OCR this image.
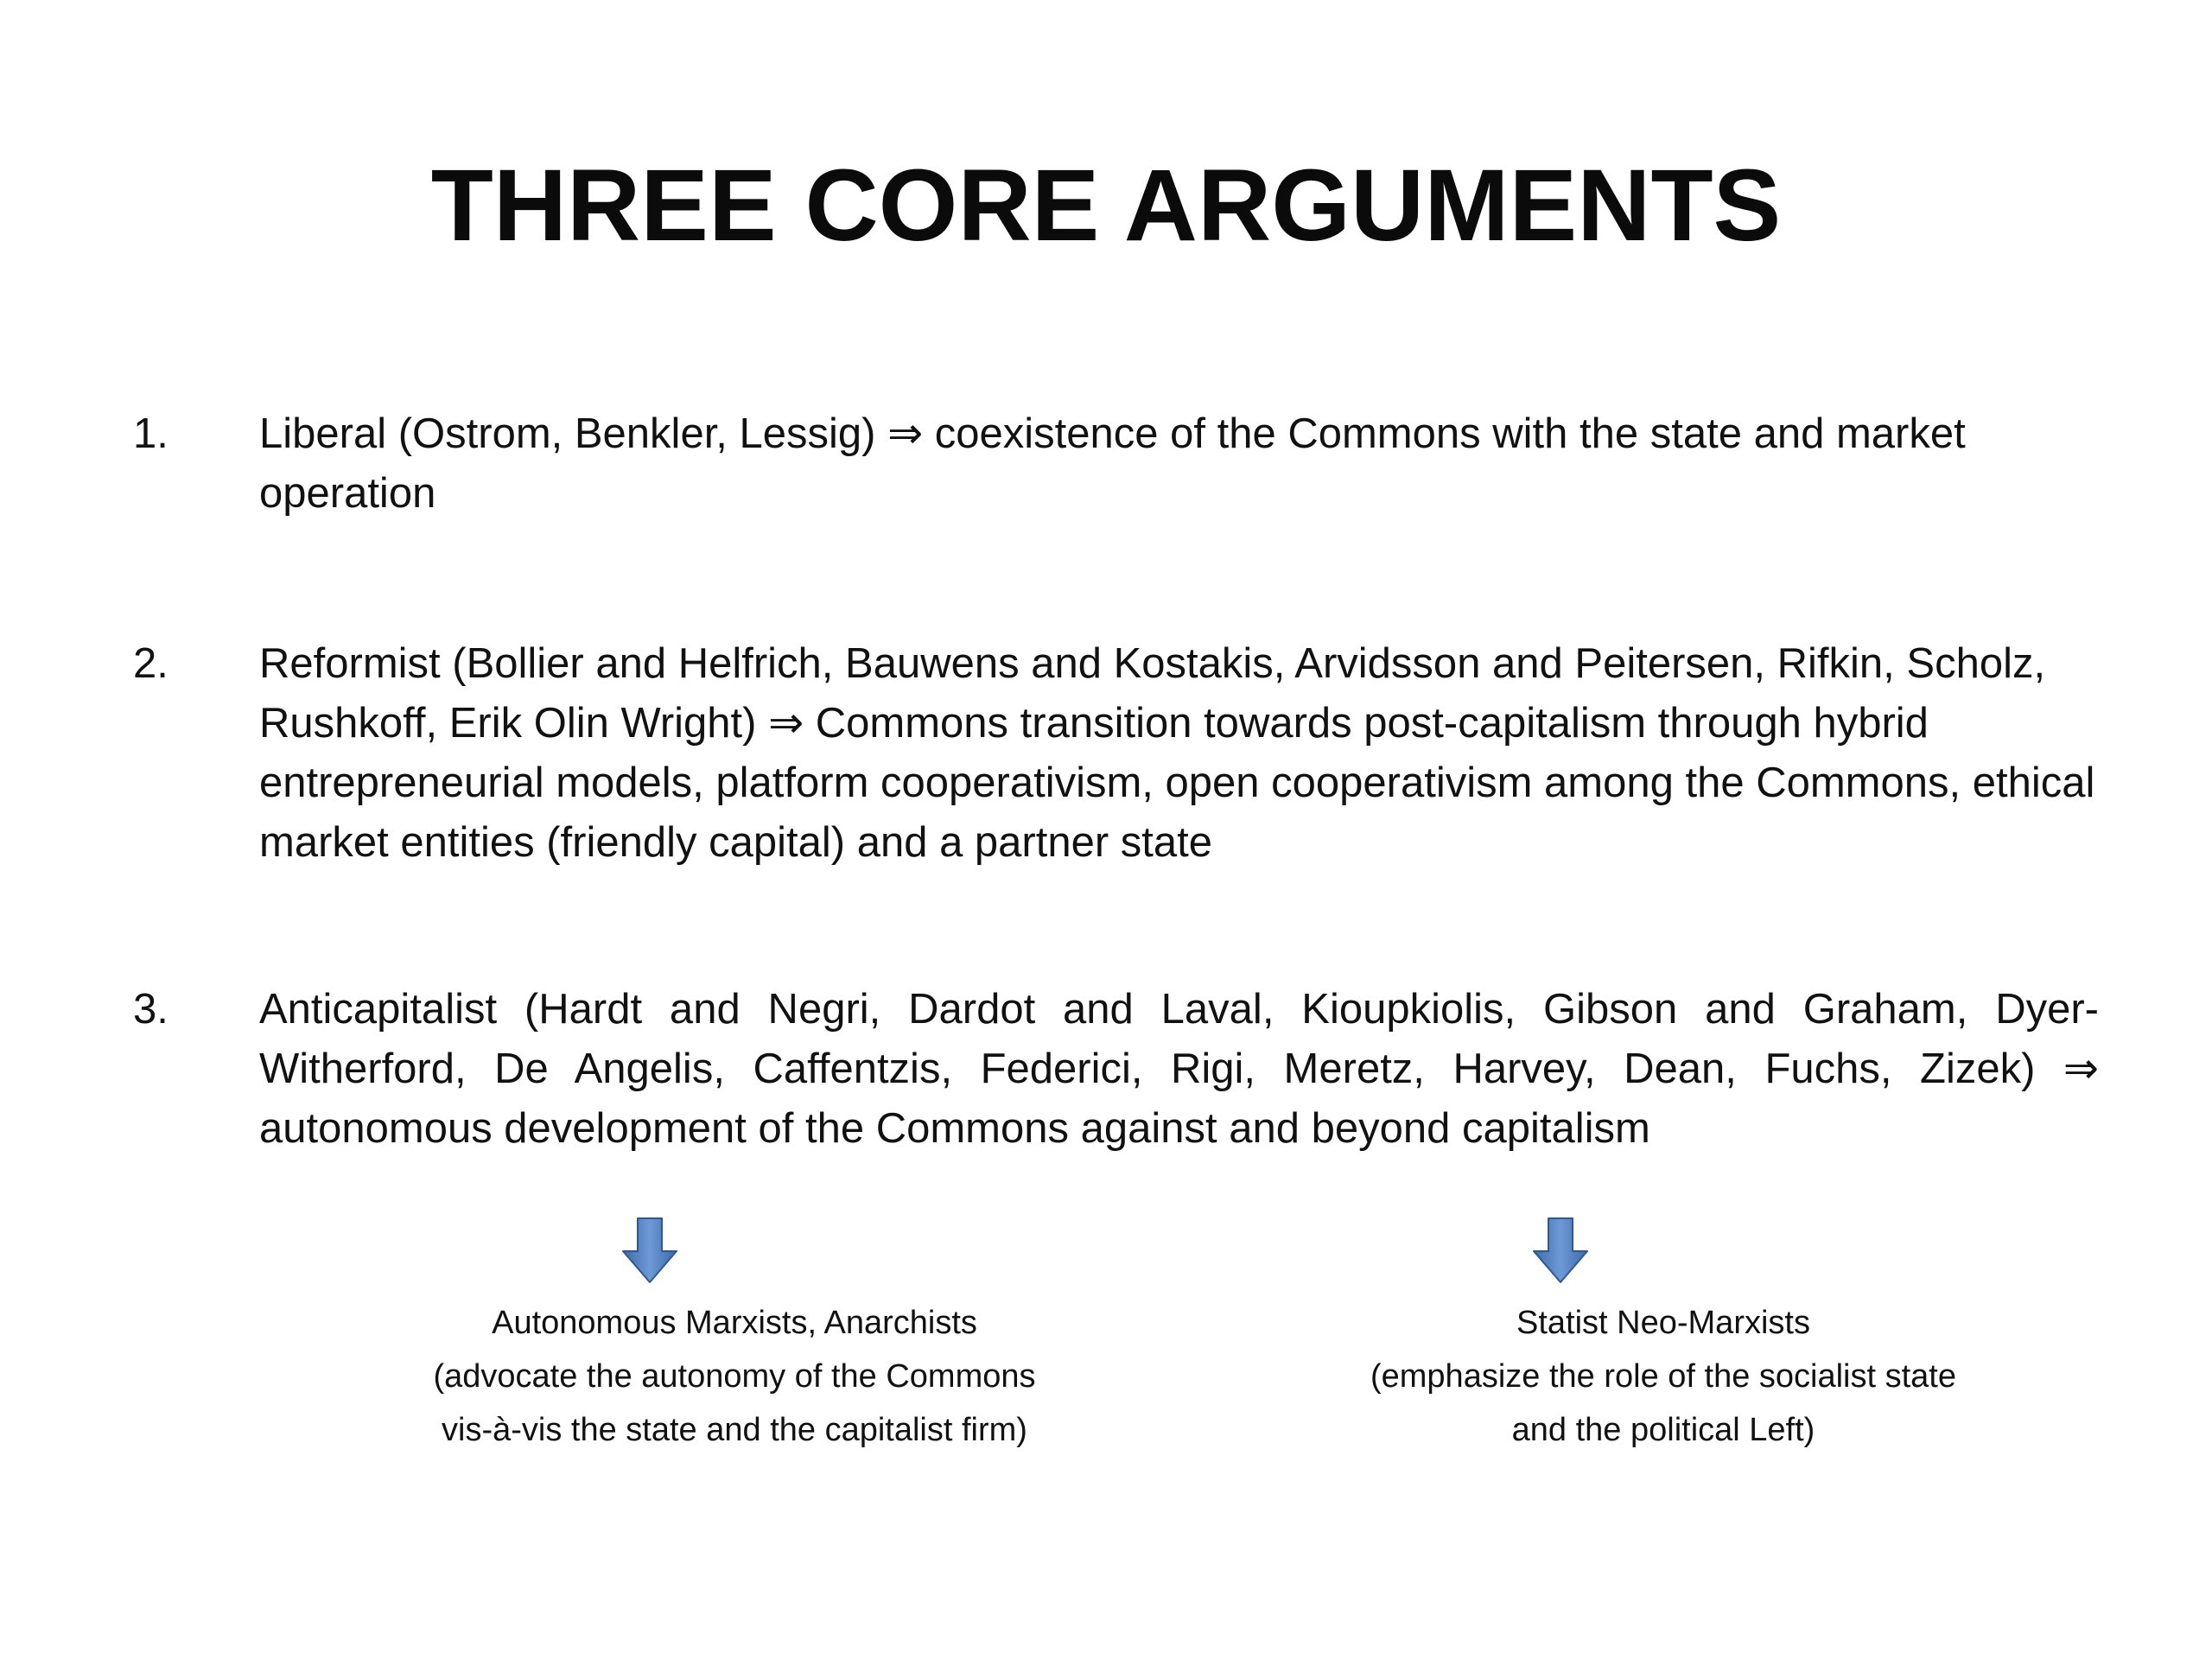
THREE CORE ARGUMENTS
1. Liberal (Ostrom, Benkler, Lessig) ⇒ coexistence of the Commons with the state and market operation

2. Reformist (Bollier and Helfrich, Bauwens and Kostakis, Arvidsson and Peitersen, Rifkin, Scholz, Rushkoff, Erik Olin Wright) ⇒ Commons transition towards post-capitalism through hybrid entrepreneurial models, platform cooperativism, open cooperativism among the Commons, ethical market entities (friendly capital) and a partner state

3. Anticapitalist (Hardt and Negri, Dardot and Laval, Kioupkiolis, Gibson and Graham, Dyer-Witherford, De Angelis, Caffentzis, Federici, Rigi, Meretz, Harvey, Dean, Fuchs, Zizek) ⇒ autonomous development of the Commons against and beyond capitalism

Autonomous Marxists, Anarchists
(advocate the autonomy of the Commons
vis-à-vis the state and the capitalist firm)
Statist Neo-Marxists
(emphasize the role of the socialist state
and the political Left)
